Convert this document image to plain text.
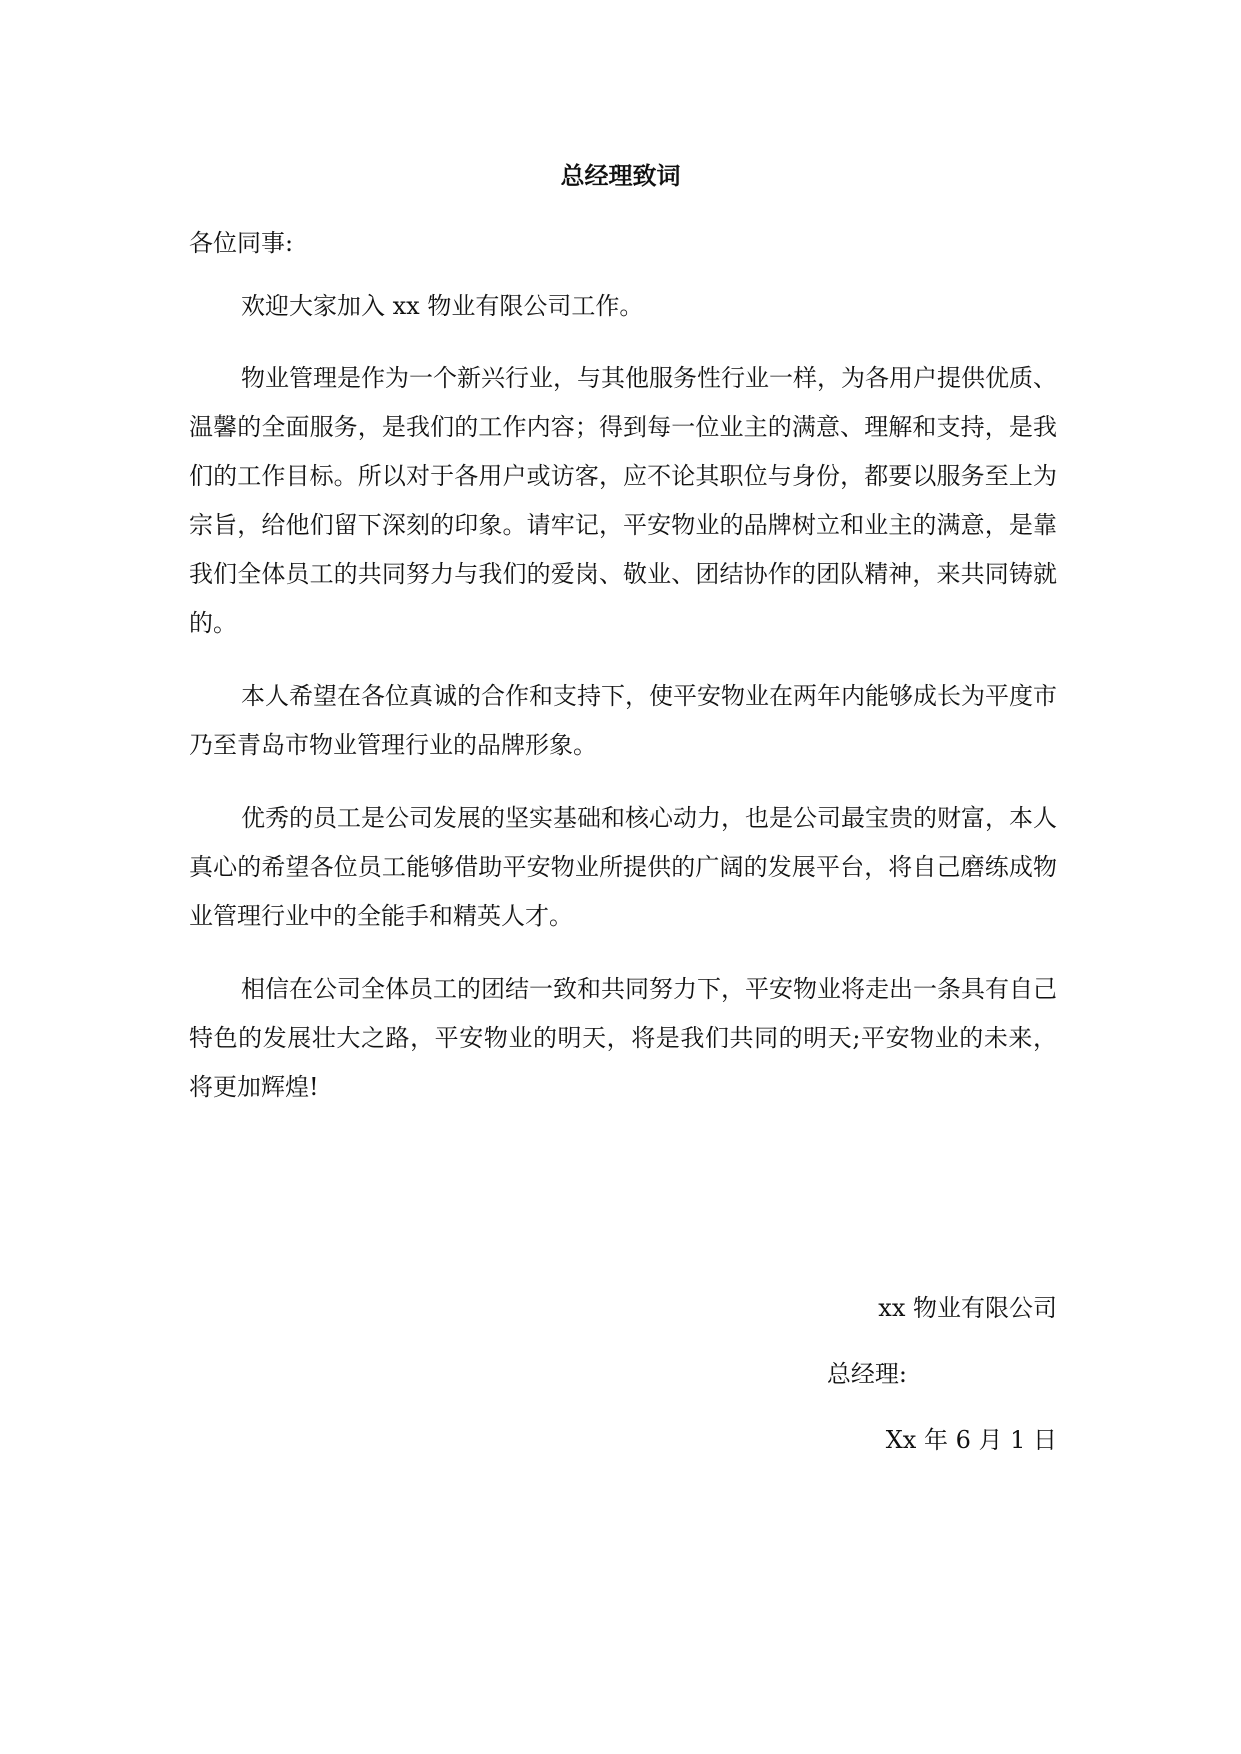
总经理致词
各位同事:

欢迎大家加入 xx 物业有限公司工作。

物业管理是作为一个新兴行业，与其他服务性行业一样，为各用户提供优质、温馨的全面服务，是我们的工作内容；得到每一位业主的满意、理解和支持，是我们的工作目标。所以对于各用户或访客，应不论其职位与身份，都要以服务至上为宗旨，给他们留下深刻的印象。请牢记，平安物业的品牌树立和业主的满意，是靠我们全体员工的共同努力与我们的爱岗、敬业、团结协作的团队精神，来共同铸就的。

本人希望在各位真诚的合作和支持下，使平安物业在两年内能够成长为平度市乃至青岛市物业管理行业的品牌形象。

优秀的员工是公司发展的坚实基础和核心动力，也是公司最宝贵的财富，本人真心的希望各位员工能够借助平安物业所提供的广阔的发展平台，将自己磨练成物业管理行业中的全能手和精英人才。

相信在公司全体员工的团结一致和共同努力下，平安物业将走出一条具有自己特色的发展壮大之路，平安物业的明天，将是我们共同的明天;平安物业的未来，将更加辉煌!

xx 物业有限公司
总经理:
Xx 年 6 月 1 日
